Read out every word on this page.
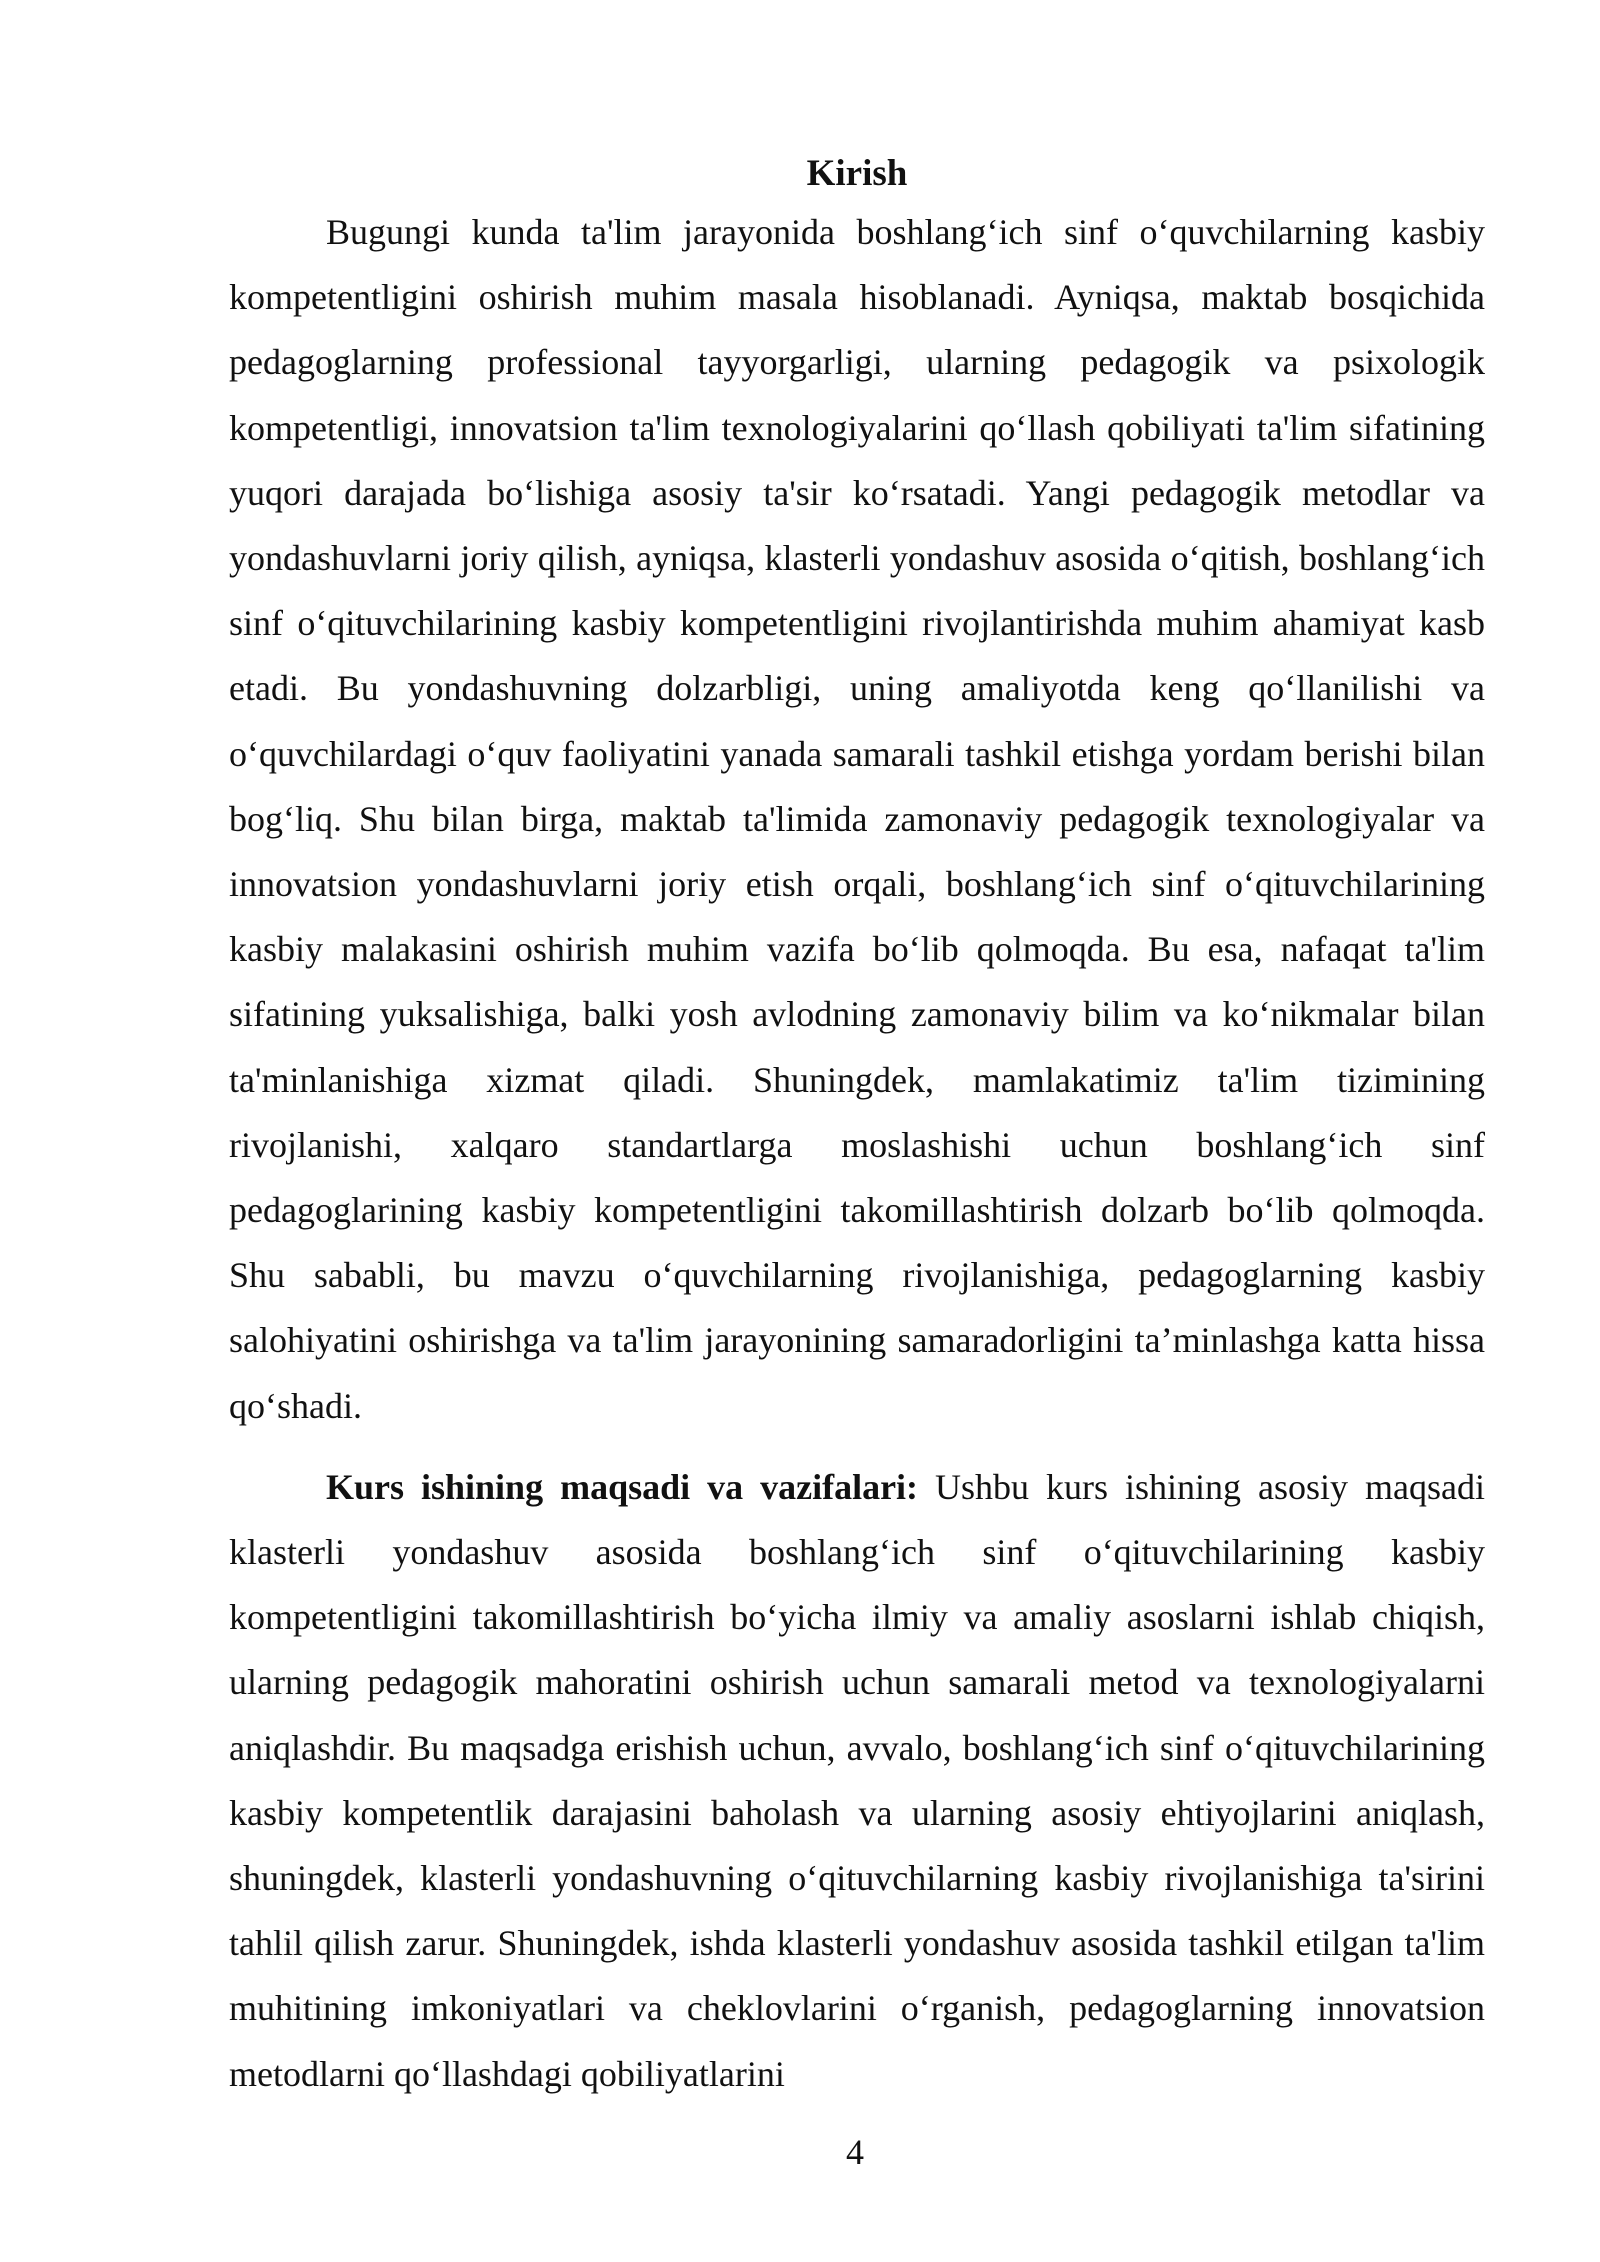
Kirish

Bugungi kunda ta'lim jarayonida boshlang‘ich sinf o‘quvchilarning kasbiy kompetentligini oshirish muhim masala hisoblanadi. Ayniqsa, maktab bosqichida pedagoglarning professional tayyorgarligi, ularning pedagogik va psixologik kompetentligi, innovatsion ta'lim texnologiyalarini qo‘llash qobiliyati ta'lim sifatining yuqori darajada bo‘lishiga asosiy ta'sir ko‘rsatadi. Yangi pedagogik metodlar va yondashuvlarni joriy qilish, ayniqsa, klasterli yondashuv asosida o‘qitish, boshlang‘ich sinf o‘qituvchilarining kasbiy kompetentligini rivojlantirishda muhim ahamiyat kasb etadi. Bu yondashuvning dolzarbligi, uning amaliyotda keng qo‘llanilishi va o‘quvchilardagi o‘quv faoliyatini yanada samarali tashkil etishga yordam berishi bilan bog‘liq. Shu bilan birga, maktab ta'limida zamonaviy pedagogik texnologiyalar va innovatsion yondashuvlarni joriy etish orqali, boshlang‘ich sinf o‘qituvchilarining kasbiy malakasini oshirish muhim vazifa bo‘lib qolmoqda. Bu esa, nafaqat ta'lim sifatining yuksalishiga, balki yosh avlodning zamonaviy bilim va ko‘nikmalar bilan ta'minlanishiga xizmat qiladi. Shuningdek, mamlakatimiz ta'lim tizimining rivojlanishi, xalqaro standartlarga moslashishi uchun boshlang‘ich sinf pedagoglarining kasbiy kompetentligini takomillashtirish dolzarb bo‘lib qolmoqda. Shu sababli, bu mavzu o‘quvchilarning rivojlanishiga, pedagoglarning kasbiy salohiyatini oshirishga va ta'lim jarayonining samaradorligini ta’minlashga katta hissa qo‘shadi.

Kurs ishining maqsadi va vazifalari: Ushbu kurs ishining asosiy maqsadi klasterli yondashuv asosida boshlang‘ich sinf o‘qituvchilarining kasbiy kompetentligini takomillashtirish bo‘yicha ilmiy va amaliy asoslarni ishlab chiqish, ularning pedagogik mahoratini oshirish uchun samarali metod va texnologiyalarni aniqlashdir. Bu maqsadga erishish uchun, avvalo, boshlang‘ich sinf o‘qituvchilarining kasbiy kompetentlik darajasini baholash va ularning asosiy ehtiyojlarini aniqlash, shuningdek, klasterli yondashuvning o‘qituvchilarning kasbiy rivojlanishiga ta'sirini tahlil qilish zarur. Shuningdek, ishda klasterli yondashuv asosida tashkil etilgan ta'lim muhitining imkoniyatlari va cheklovlarini o‘rganish, pedagoglarning innovatsion metodlarni qo‘llashdagi qobiliyatlarini

4
